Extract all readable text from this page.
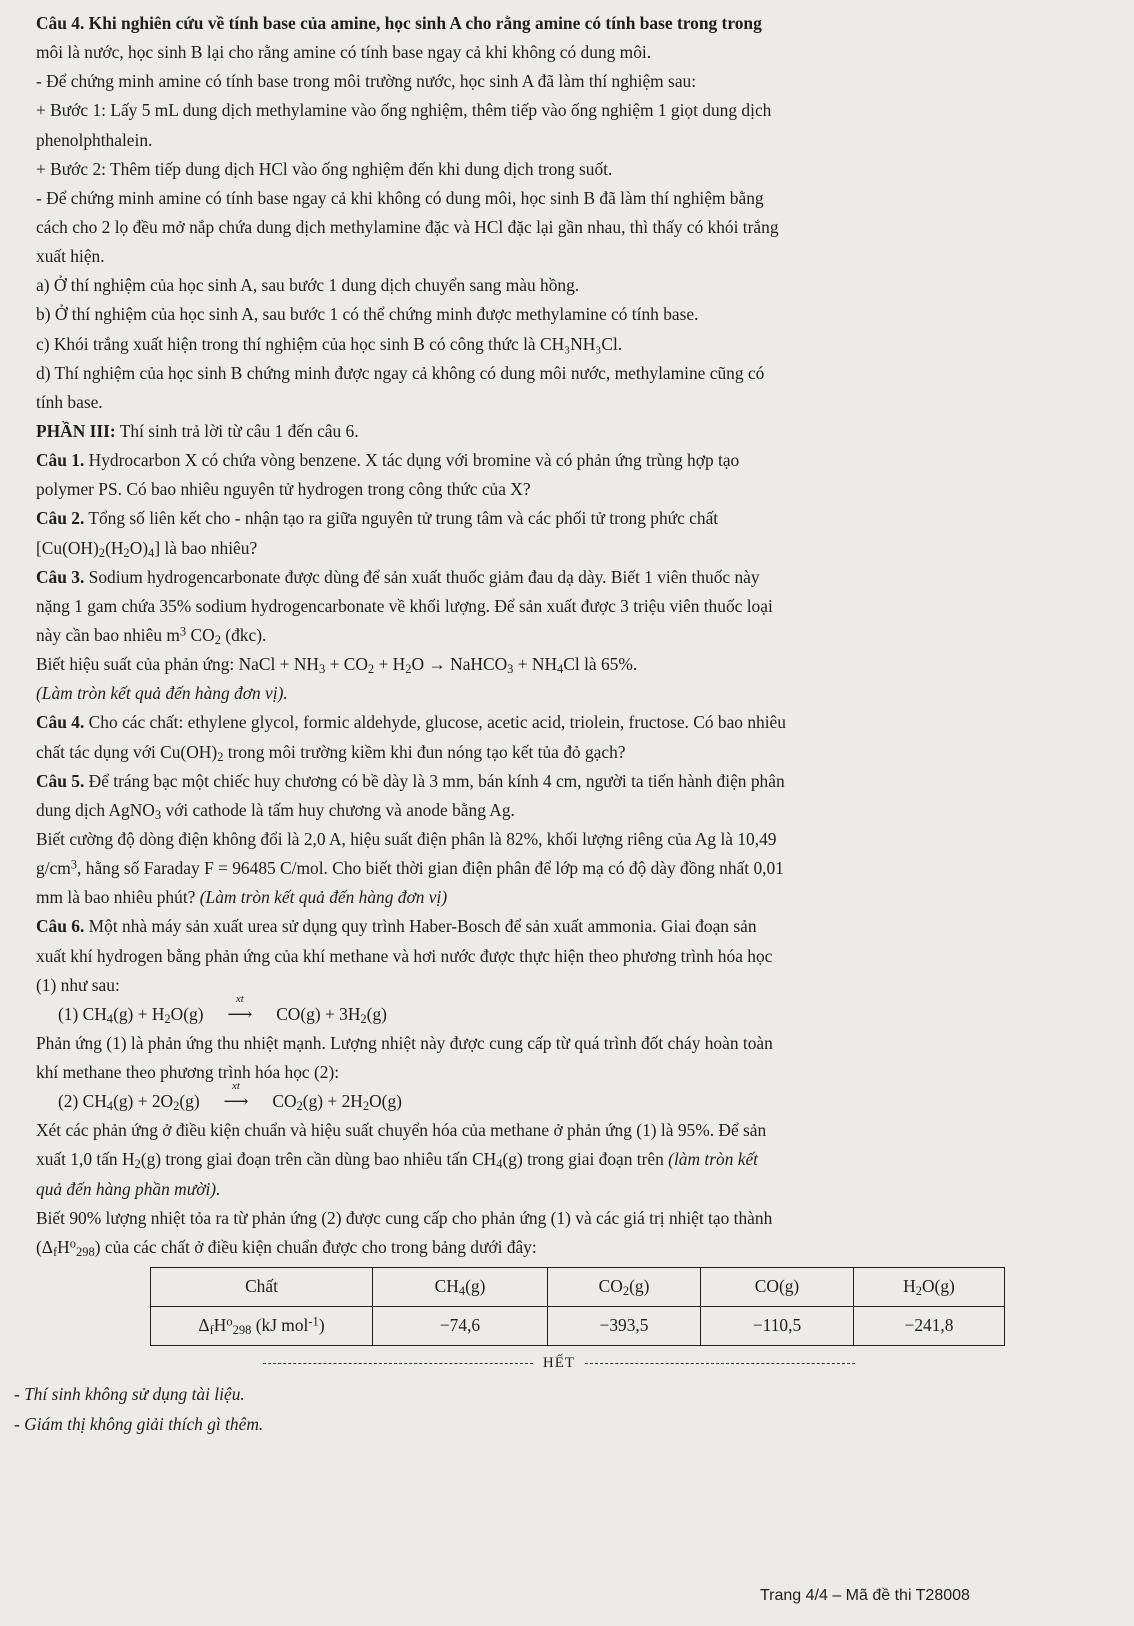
Câu 4. Khi nghiên cứu về tính base của amine, học sinh A cho rằng amine có tính base trong trong

môi là nước, học sinh B lại cho rằng amine có tính base ngay cả khi không có dung môi.

- Để chứng minh amine có tính base trong môi trường nước, học sinh A đã làm thí nghiệm sau:

+ Bước 1: Lấy 5 mL dung dịch methylamine vào ống nghiệm, thêm tiếp vào ống nghiệm 1 giọt dung dịch

phenolphthalein.

+ Bước 2: Thêm tiếp dung dịch HCl vào ống nghiệm đến khi dung dịch trong suốt.

- Để chứng minh amine có tính base ngay cả khi không có dung môi, học sinh B đã làm thí nghiệm bằng

cách cho 2 lọ đều mở nắp chứa dung dịch methylamine đặc và HCl đặc lại gần nhau, thì thấy có khói trắng

xuất hiện.

a) Ở thí nghiệm của học sinh A, sau bước 1 dung dịch chuyển sang màu hồng.

b) Ở thí nghiệm của học sinh A, sau bước 1 có thể chứng minh được methylamine có tính base.

c) Khói trắng xuất hiện trong thí nghiệm của học sinh B có công thức là CH₃NH₃Cl.

d) Thí nghiệm của học sinh B chứng minh được ngay cả không có dung môi nước, methylamine cũng có

tính base.

PHẦN III: Thí sinh trả lời từ câu 1 đến câu 6.

Câu 1. Hydrocarbon X có chứa vòng benzene. X tác dụng với bromine và có phản ứng trùng hợp tạo

polymer PS. Có bao nhiêu nguyên tử hydrogen trong công thức của X?

Câu 2. Tổng số liên kết cho - nhận tạo ra giữa nguyên tử trung tâm và các phối tử trong phức chất

$[Cu(OH)_2(H_2O)_4]$ là bao nhiêu?

Câu 3. Sodium hydrogencarbonate được dùng để sản xuất thuốc giảm đau dạ dày. Biết 1 viên thuốc này

nặng 1 gam chứa 35% sodium hydrogencarbonate về khối lượng. Để sản xuất được 3 triệu viên thuốc loại

này cần bao nhiêu $m^3$ $CO_2$ (đkc).

Biết hiệu suất của phản ứng: NaCl + $NH_3 + CO_2 + H_2O$ → NaHCO$_3$ + $NH_4Cl$ là 65%.

(Làm tròn kết quả đến hàng đơn vị).

Câu 4. Cho các chất: ethylene glycol, formic aldehyde, glucose, acetic acid, triolein, fructose. Có bao nhiêu

chất tác dụng với $Cu(OH)_2$ trong môi trường kiềm khi đun nóng tạo kết tủa đỏ gạch?

Câu 5. Để tráng bạc một chiếc huy chương có bề dày là 3 mm, bán kính 4 cm, người ta tiến hành điện phân

dung dịch AgNO$_3$ với cathode là tấm huy chương và anode bằng Ag.

Biết cường độ dòng điện không đổi là 2,0 A, hiệu suất điện phân là 82%, khối lượng riêng của Ag là 10,49

$g/cm^3$, hằng số Faraday F = 96485 C/mol. Cho biết thời gian điện phân để lớp mạ có độ dày đồng nhất 0,01

mm là bao nhiêu phút? (Làm tròn kết quả đến hàng đơn vị)

Câu 6. Một nhà máy sản xuất urea sử dụng quy trình Haber-Bosch để sản xuất ammonia. Giai đoạn sản

xuất khí hydrogen bằng phản ứng của khí methane và hơi nước được thực hiện theo phương trình hóa học

(1) như sau:

(1) $CH_4(g) + H_2O(g)$
xt
⟶ $CO(g) + 3H_2(g)$

Phản ứng (1) là phản ứng thu nhiệt mạnh. Lượng nhiệt này được cung cấp từ quá trình đốt cháy hoàn toàn

khí methane theo phương trình hóa học (2):

(2) $CH_4(g) + 2O_2(g)$
xt
⟶ $CO_2(g) + 2H_2O(g)$

Xét các phản ứng ở điều kiện chuẩn và hiệu suất chuyển hóa của methane ở phản ứng (1) là 95%. Để sản

xuất 1,0 tấn $H_2(g)$ trong giai đoạn trên cần dùng bao nhiêu tấn $CH_4(g)$ trong giai đoạn trên (làm tròn kết

quả đến hàng phần mười).

Biết 90% lượng nhiệt tỏa ra từ phản ứng (2) được cung cấp cho phản ứng (1) và các giá trị nhiệt tạo thành

$(\Delta_fH^o_{298})$ của các chất ở điều kiện chuẩn được cho trong bảng dưới đây:

Chất	$CH_4(g)$	$CO_2(g)$	CO(g)	$H_2O(g)$
$\Delta_fH^o_{298}$ (kJ mol$^{-1}$)	−74,6	−393,5	−110,5	−241,8
HẾT

- Thí sinh không sử dụng tài liệu.

- Giám thị không giải thích gì thêm.

Trang 4/4 – Mã đề thi T28008
